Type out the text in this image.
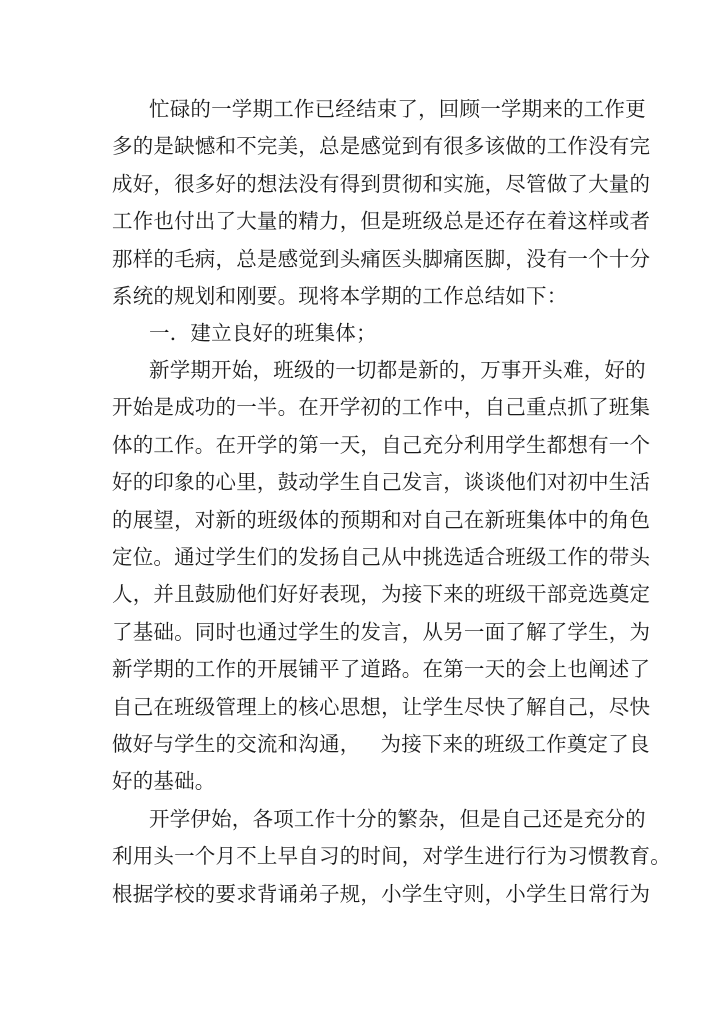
忙碌的一学期工作已经结束了，回顾一学期来的工作更
多的是缺憾和不完美，总是感觉到有很多该做的工作没有完
成好，很多好的想法没有得到贯彻和实施，尽管做了大量的
工作也付出了大量的精力，但是班级总是还存在着这样或者
那样的毛病，总是感觉到头痛医头脚痛医脚，没有一个十分
系统的规划和刚要。现将本学期的工作总结如下：
一．建立良好的班集体；
新学期开始，班级的一切都是新的，万事开头难，好的
开始是成功的一半。在开学初的工作中，自己重点抓了班集
体的工作。在开学的第一天，自己充分利用学生都想有一个
好的印象的心里，鼓动学生自己发言，谈谈他们对初中生活
的展望，对新的班级体的预期和对自己在新班集体中的角色
定位。通过学生们的发扬自己从中挑选适合班级工作的带头
人，并且鼓励他们好好表现，为接下来的班级干部竞选奠定
了基础。同时也通过学生的发言，从另一面了解了学生，为
新学期的工作的开展铺平了道路。在第一天的会上也阐述了
自己在班级管理上的核心思想，让学生尽快了解自己，尽快
做好与学生的交流和沟通，   为接下来的班级工作奠定了良
好的基础。
开学伊始，各项工作十分的繁杂，但是自己还是充分的
利用头一个月不上早自习的时间，对学生进行行为习惯教育。
根据学校的要求背诵弟子规，小学生守则，小学生日常行为
